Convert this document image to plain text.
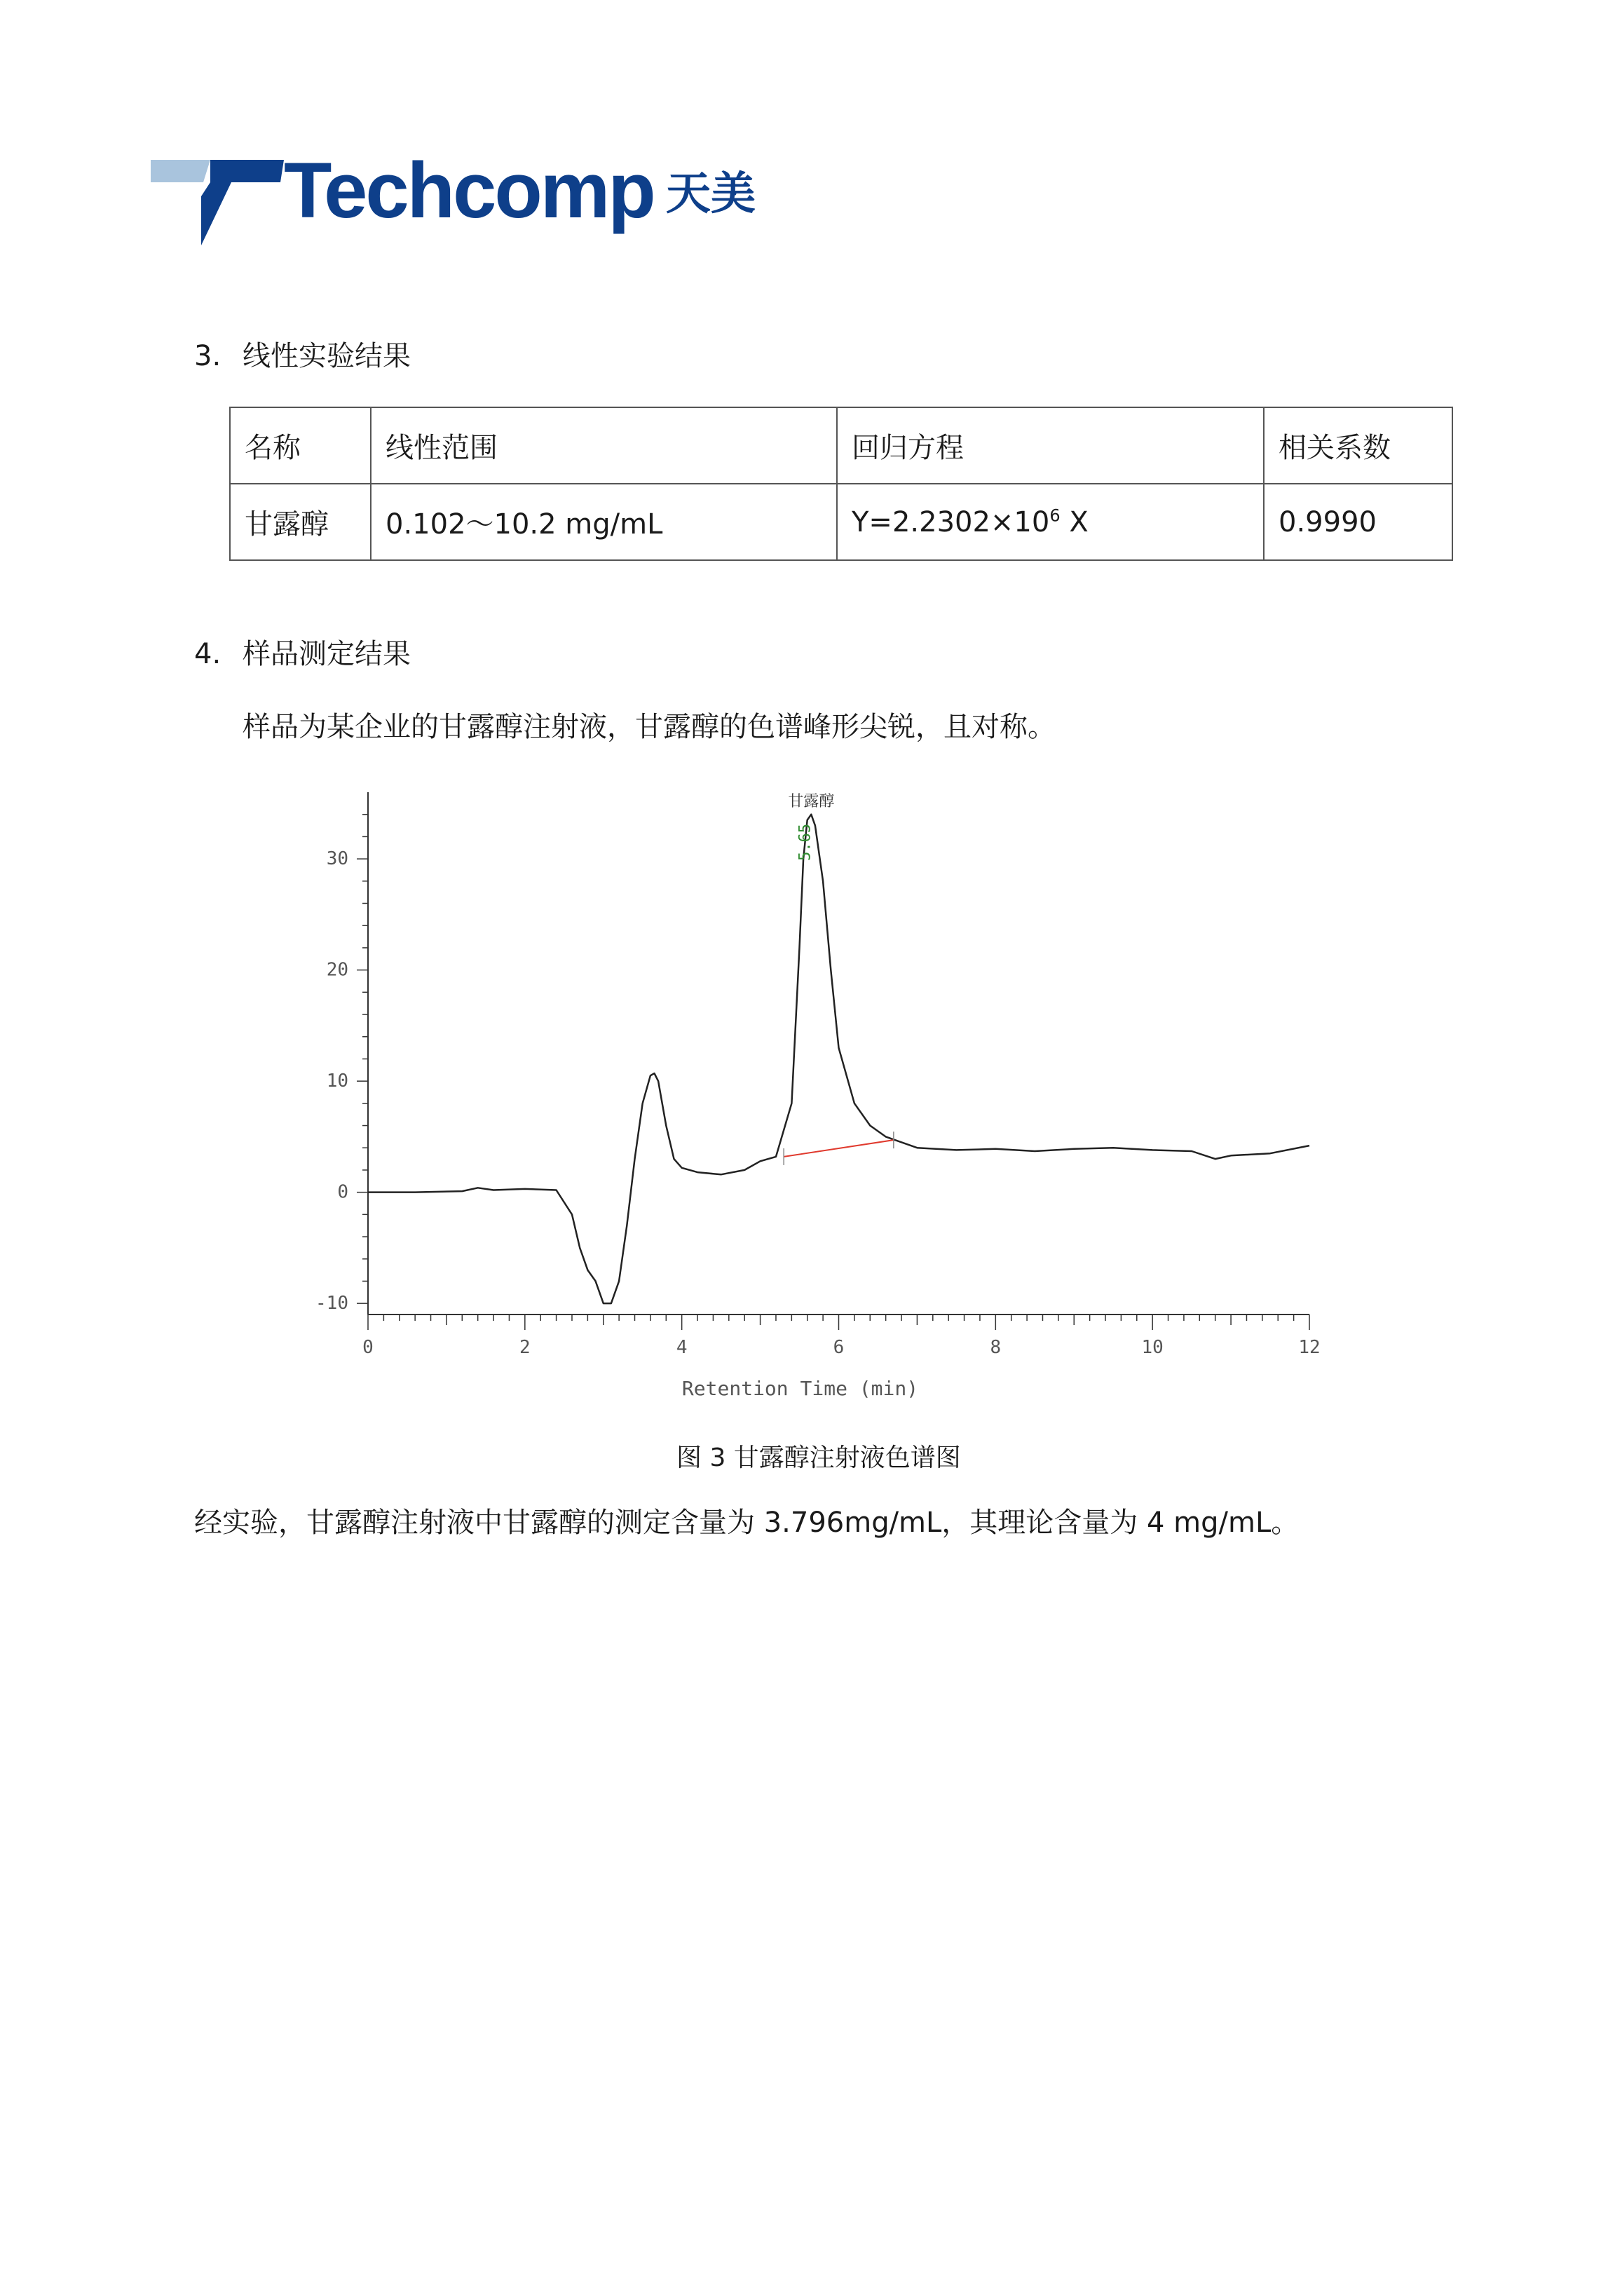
Techcomp 天美
3. 线性实验结果
名称	线性范围	回归方程	相关系数
甘露醇	0.102～10.2 mg/mL	$Y=2.2302\times 10^6$ X	0.9990
4. 样品测定结果
样品为某企业的甘露醇注射液，甘露醇的色谱峰形尖锐，且对称。
30
20
10
0
-10
0	2	4	6	8	10	12
甘露醇
5.65
Retention Time (min)
图 3 甘露醇注射液色谱图
经实验，甘露醇注射液中甘露醇的测定含量为 3.796mg/mL，其理论含量为 4 mg/mL。
